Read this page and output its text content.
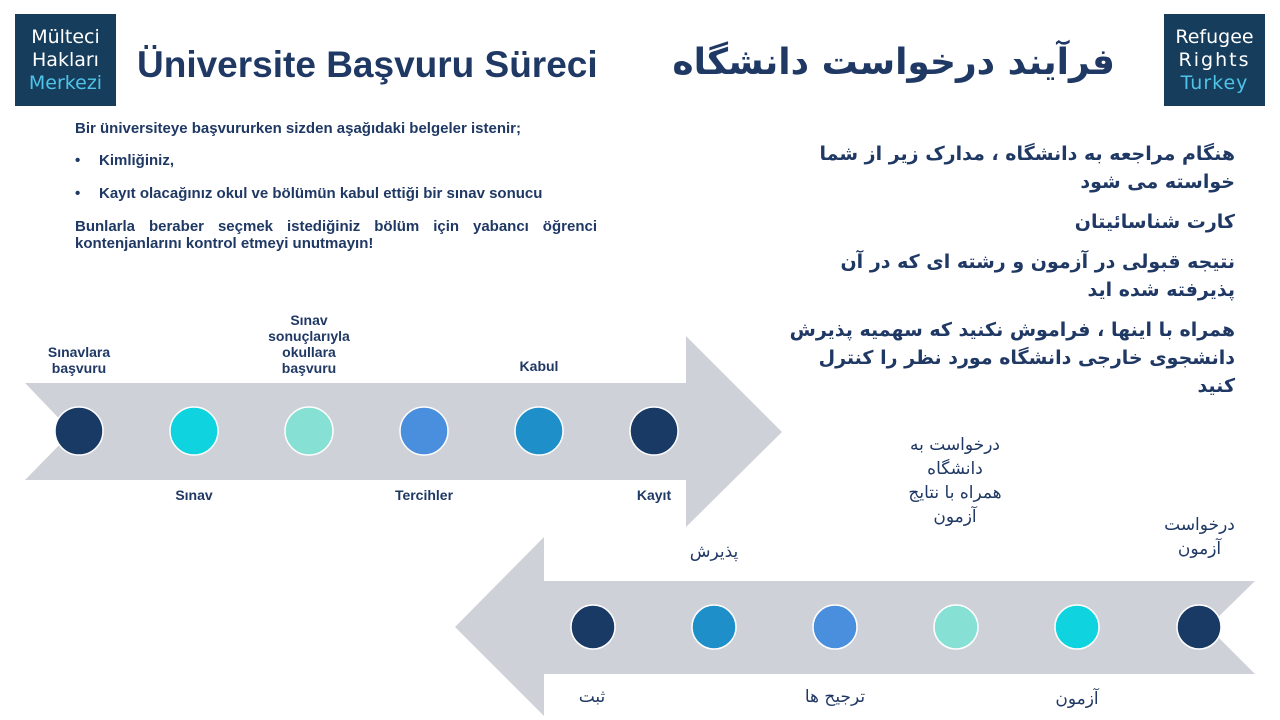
Mülteci
Hakları
Merkezi
Refugee
Rights
Turkey
Üniversite Başvuru Süreci فرآیند درخواست دانشگاه

Bir üniversiteye başvururken sizden aşağıdaki belgeler istenir;

• Kimliğiniz,
• Kayıt olacağınız okul ve bölümün kabul ettiği bir sınav sonucu

Bunlarla beraber seçmek istediğiniz bölüm için yabancı öğrenci kontenjanlarını kontrol etmeyi unutmayın!

هنگام مراجعه به دانشگاه ، مدارک زیر از شما خواسته می شود

کارت شناسائیتان

نتیجه قبولی در آزمون و رشته ای که در آن پذیرفته شده اید

همراه با اینها ، فراموش نکنید که سهمیه پذیرش دانشجوی خارجی دانشگاه مورد نظر را کنترل کنید

Sınavlara başvuru
Sınav sonuçlarıyla okullara başvuru	Kabul
Sınav	Tercihler	Kayıt
درخواست آزمون
درخواست به دانشگاه همراه با نتایج آزمون
پذیرش
آزمون
ترجیح ها
ثبت
